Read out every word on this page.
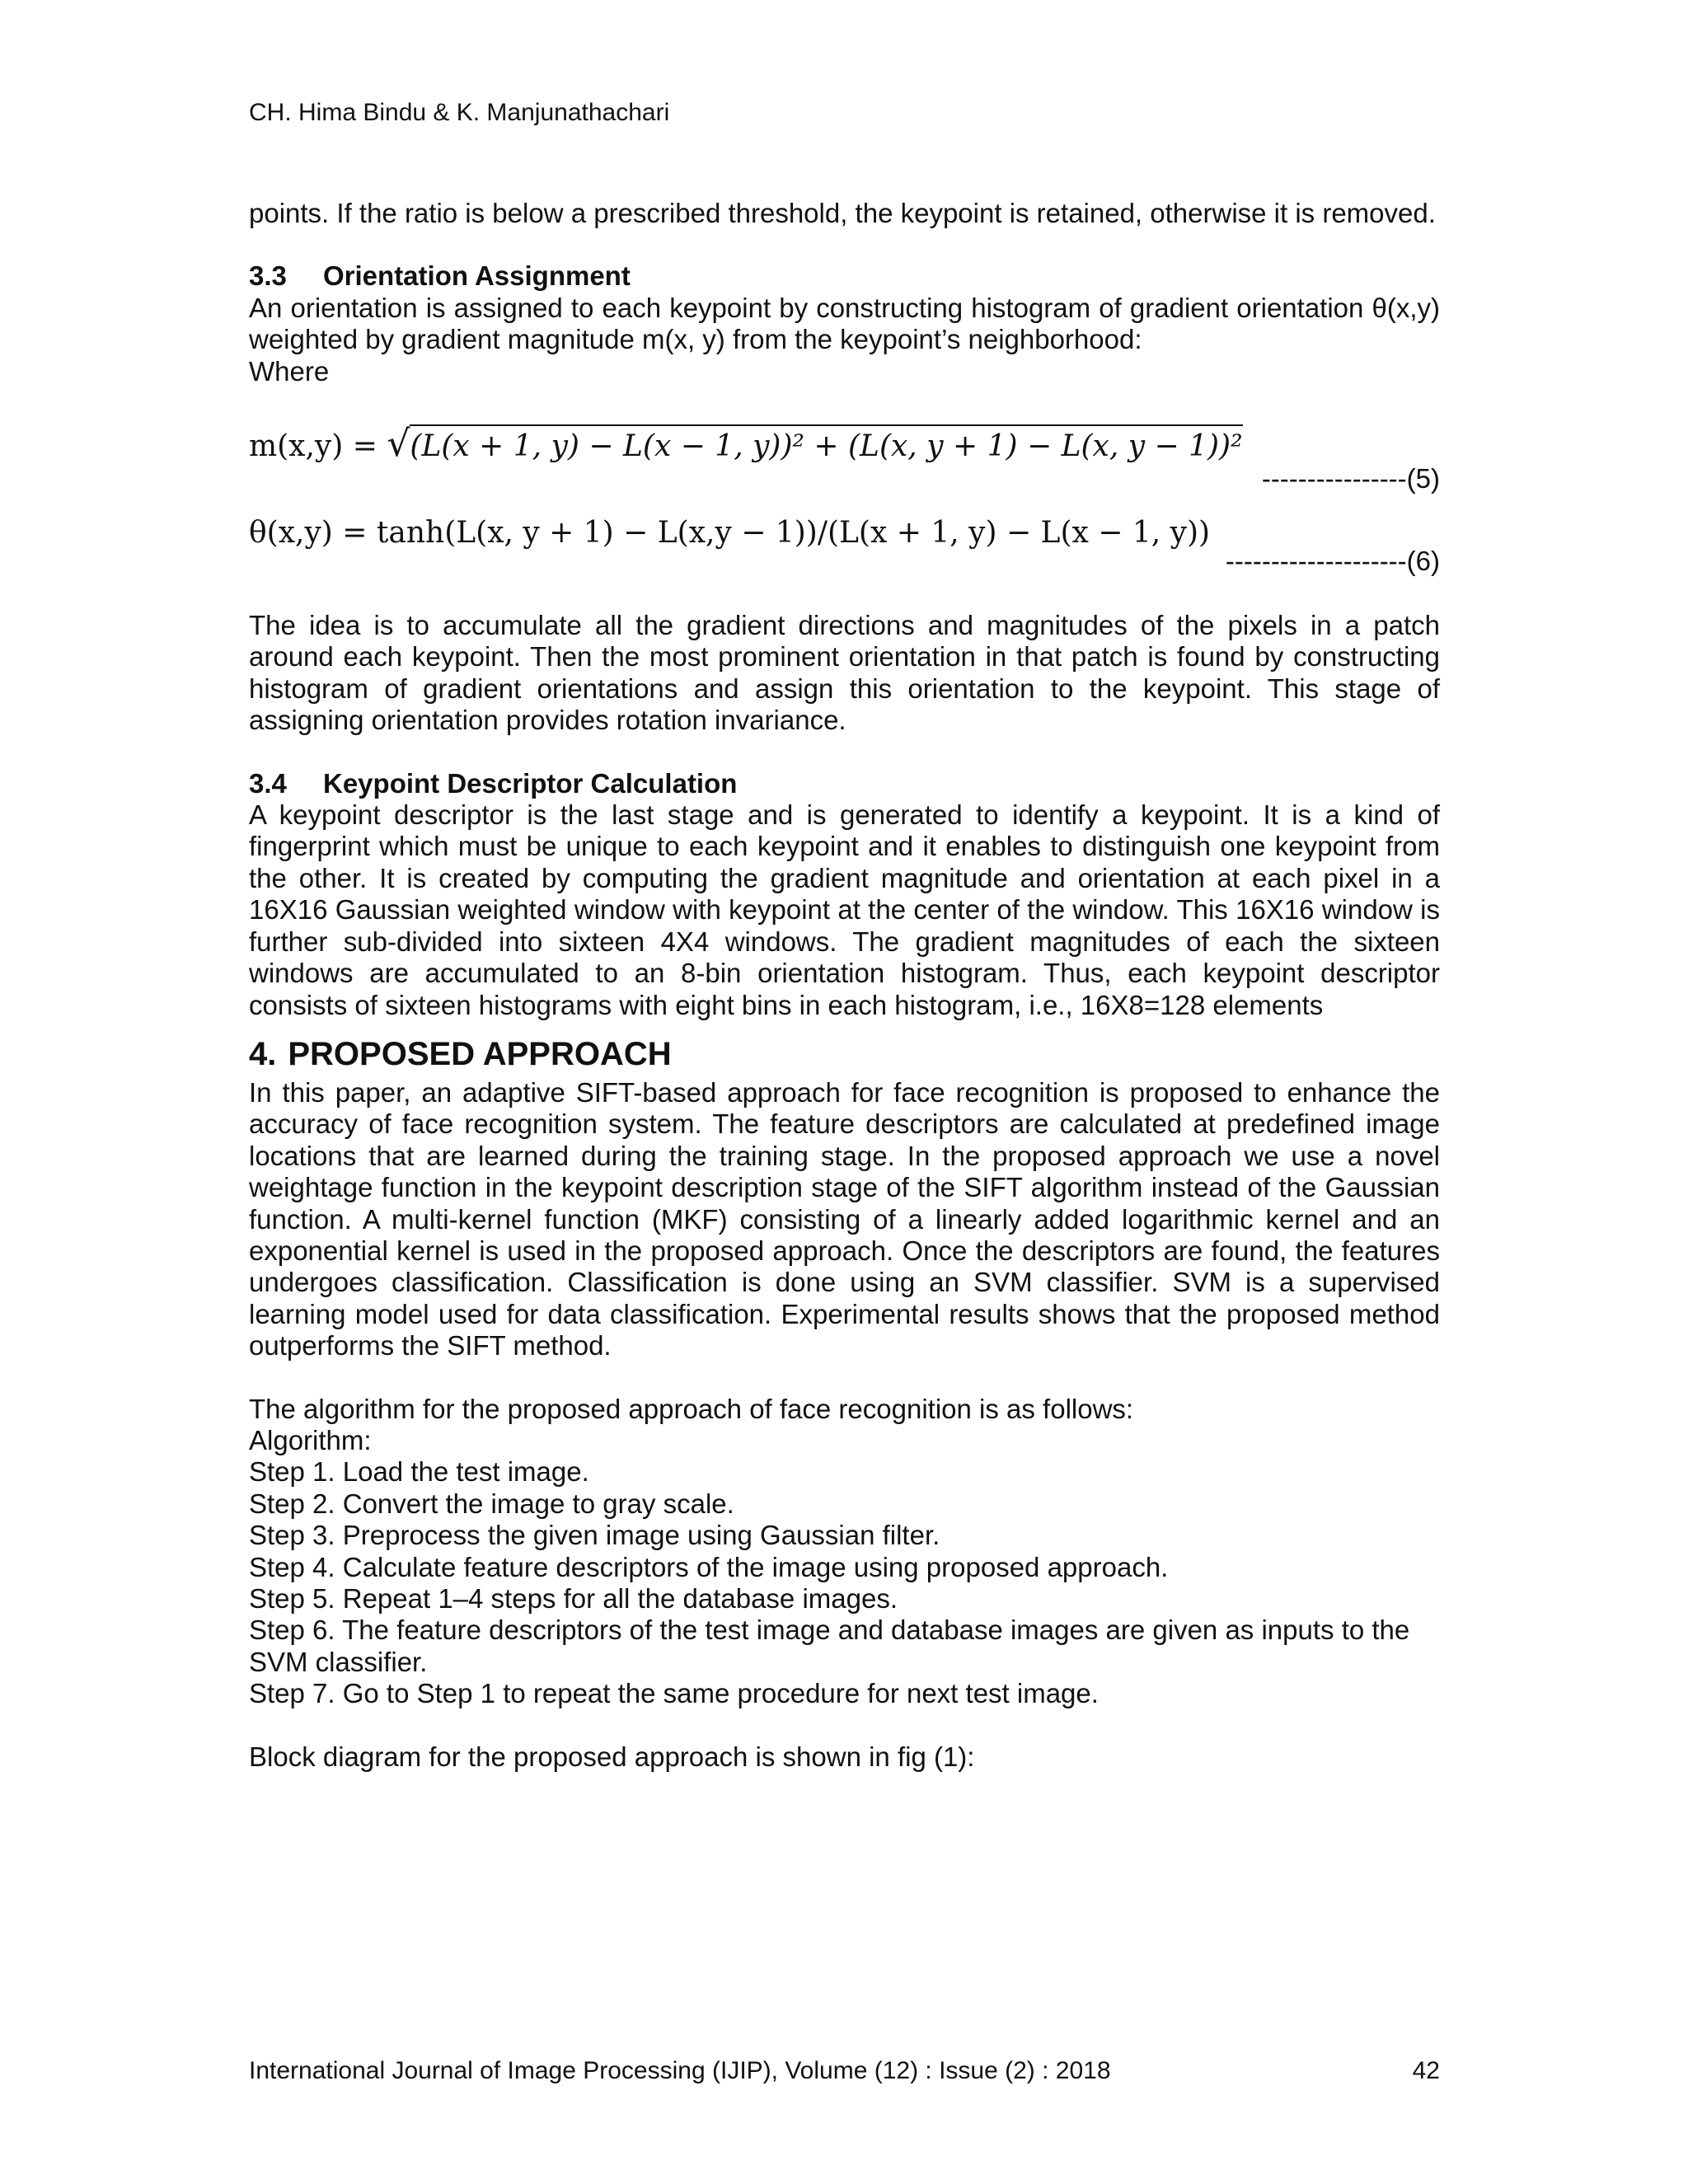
CH. Hima Bindu & K. Manjunathachari

points. If the ratio is below a prescribed threshold, the keypoint is retained, otherwise it is removed.

3.3 Orientation Assignment

An orientation is assigned to each keypoint by constructing histogram of gradient orientation θ(x,y) weighted by gradient magnitude m(x, y) from the keypoint’s neighborhood:

Where

m(x,y) = √(L(x + 1, y) − L(x − 1, y))² + (L(x, y + 1) − L(x, y − 1))²
----------------(5)
θ(x,y) = tanh(L(x, y + 1) − L(x,y − 1))/(L(x + 1, y) − L(x − 1, y))
--------------------(6)

The idea is to accumulate all the gradient directions and magnitudes of the pixels in a patch around each keypoint. Then the most prominent orientation in that patch is found by constructing histogram of gradient orientations and assign this orientation to the keypoint. This stage of assigning orientation provides rotation invariance.

3.4 Keypoint Descriptor Calculation

A keypoint descriptor is the last stage and is generated to identify a keypoint. It is a kind of fingerprint which must be unique to each keypoint and it enables to distinguish one keypoint from the other. It is created by computing the gradient magnitude and orientation at each pixel in a 16X16 Gaussian weighted window with keypoint at the center of the window. This 16X16 window is further sub-divided into sixteen 4X4 windows. The gradient magnitudes of each the sixteen windows are accumulated to an 8-bin orientation histogram. Thus, each keypoint descriptor consists of sixteen histograms with eight bins in each histogram, i.e., 16X8=128 elements

4. PROPOSED APPROACH

In this paper, an adaptive SIFT-based approach for face recognition is proposed to enhance the accuracy of face recognition system. The feature descriptors are calculated at predefined image locations that are learned during the training stage. In the proposed approach we use a novel weightage function in the keypoint description stage of the SIFT algorithm instead of the Gaussian function. A multi-kernel function (MKF) consisting of a linearly added logarithmic kernel and an exponential kernel is used in the proposed approach. Once the descriptors are found, the features undergoes classification. Classification is done using an SVM classifier. SVM is a supervised learning model used for data classification. Experimental results shows that the proposed method outperforms the SIFT method.

The algorithm for the proposed approach of face recognition is as follows:

Algorithm:

Step 1. Load the test image.

Step 2. Convert the image to gray scale.

Step 3. Preprocess the given image using Gaussian filter.

Step 4. Calculate feature descriptors of the image using proposed approach.

Step 5. Repeat 1–4 steps for all the database images.

Step 6. The feature descriptors of the test image and database images are given as inputs to the SVM classifier.

Step 7. Go to Step 1 to repeat the same procedure for next test image.

Block diagram for the proposed approach is shown in fig (1):

International Journal of Image Processing (IJIP), Volume (12) : Issue (2) : 2018	42
